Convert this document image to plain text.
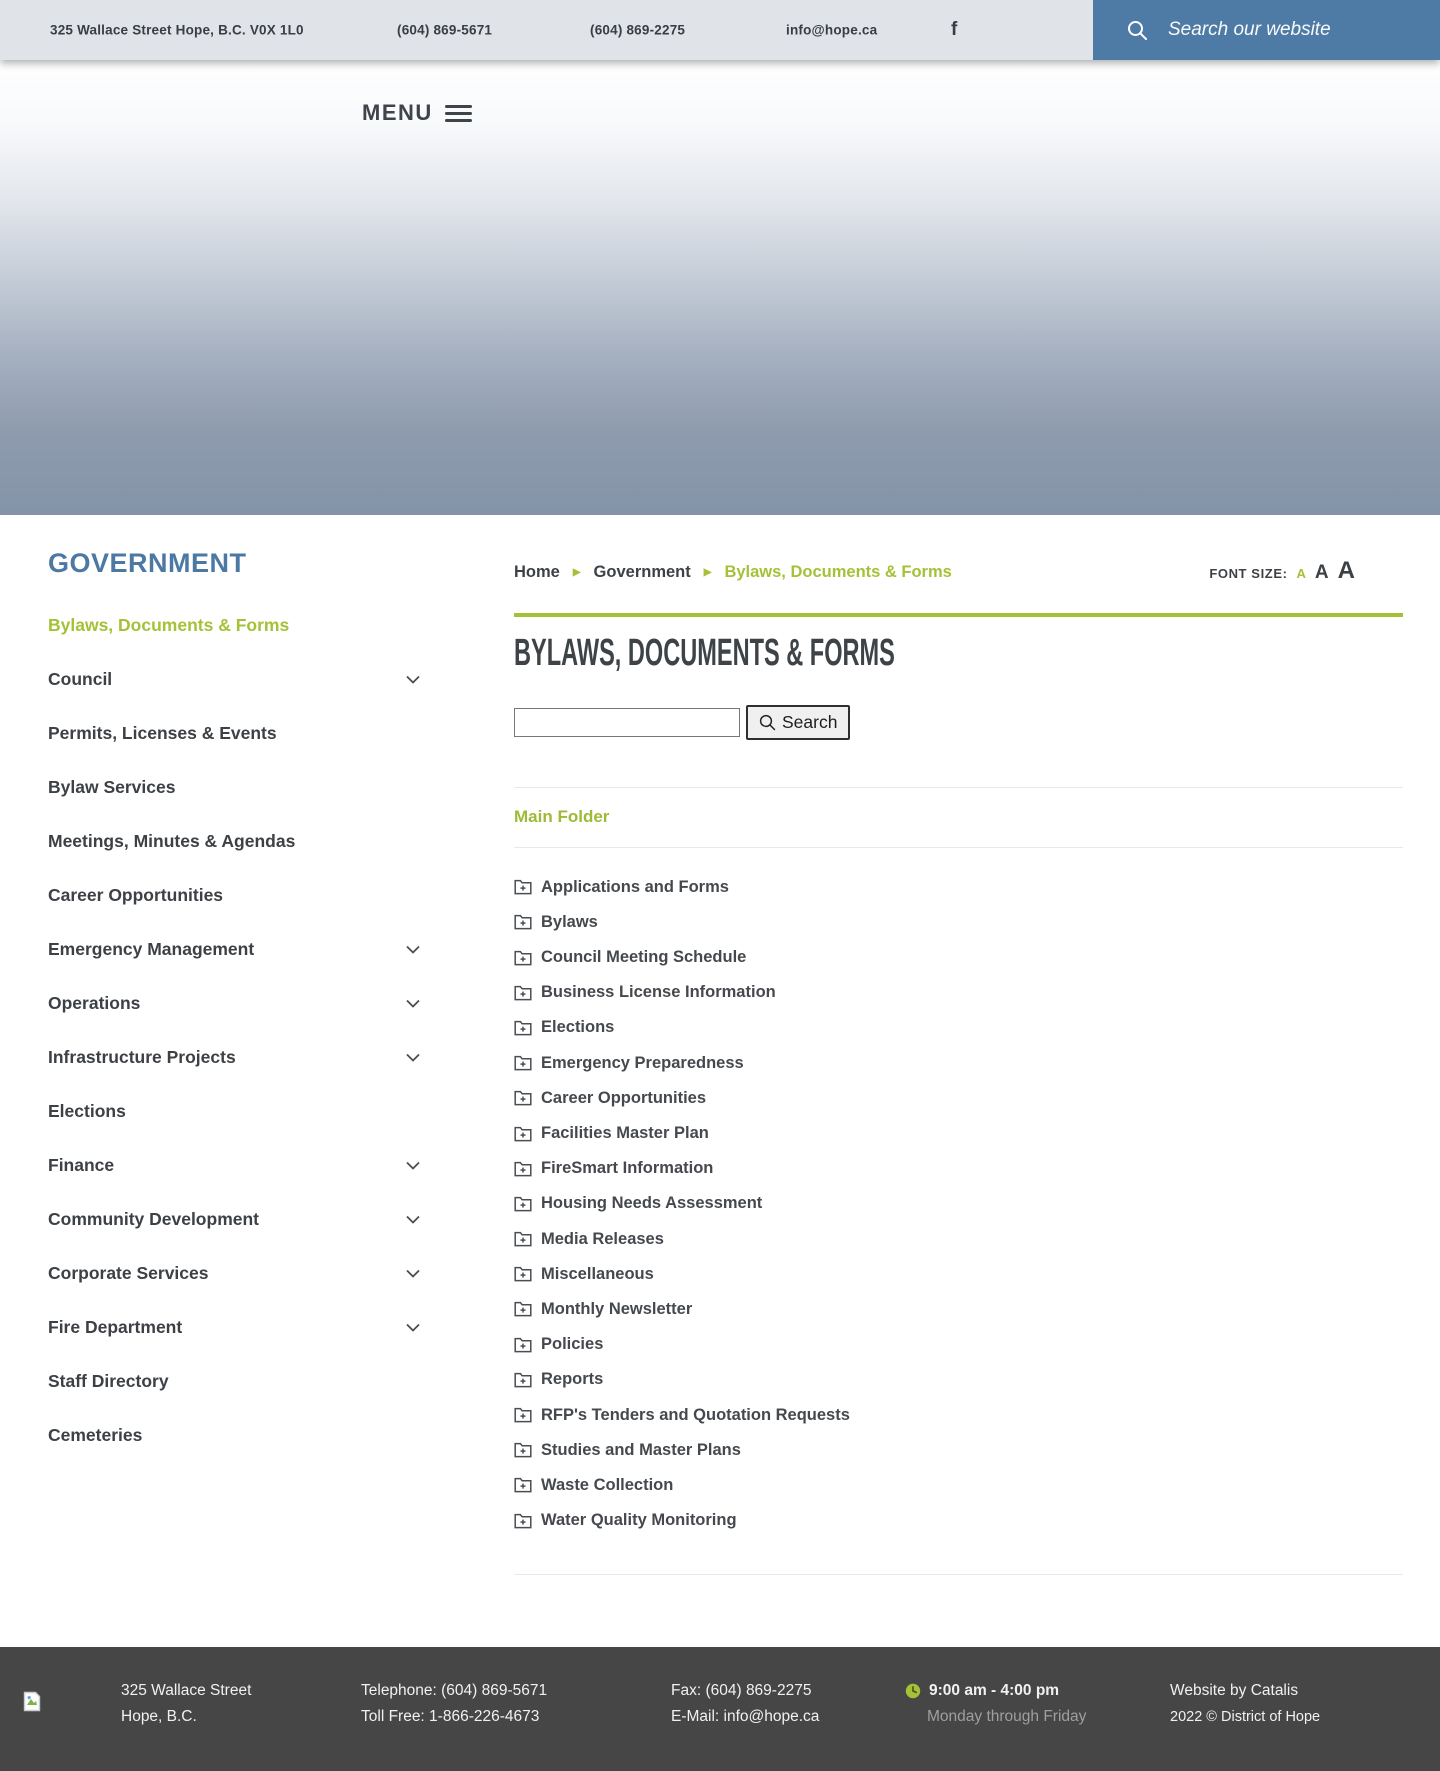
325 Wallace Street Hope, B.C. V0X 1L0	(604) 869-5671	(604) 869-2275	info@hope.ca	f
Search our website
MENU
GOVERNMENT
Bylaws, Documents & Forms
Council
Permits, Licenses & Events
Bylaw Services
Meetings, Minutes & Agendas
Career Opportunities
Emergency Management
Operations
Infrastructure Projects
Elections
Finance
Community Development
Corporate Services
Fire Department
Staff Directory
Cemeteries
Home ▶ Government ▶ Bylaws, Documents & Forms	FONT SIZE: A A A
BYLAWS, DOCUMENTS & FORMS
Search
Main Folder
Applications and Forms
Bylaws
Council Meeting Schedule
Business License Information
Elections
Emergency Preparedness
Career Opportunities
Facilities Master Plan
FireSmart Information
Housing Needs Assessment
Media Releases
Miscellaneous
Monthly Newsletter
Policies
Reports
RFP's Tenders and Quotation Requests
Studies and Master Plans
Waste Collection
Water Quality Monitoring
325 Wallace Street
Hope, B.C.
Telephone: (604) 869-5671
Toll Free: 1-866-226-4673
Fax: (604) 869-2275
E-Mail: info@hope.ca
9:00 am - 4:00 pm
Monday through Friday
Website by Catalis
2022 © District of Hope
